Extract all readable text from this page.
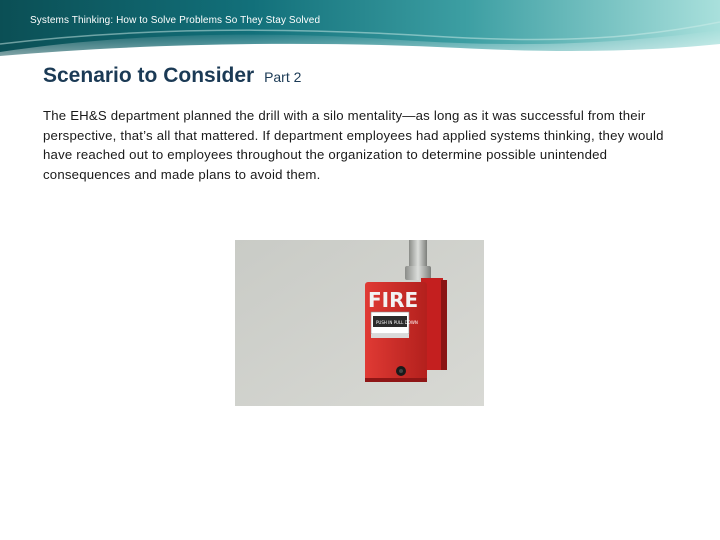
Systems Thinking: How to Solve Problems So They Stay Solved
Scenario to Consider Part 2

The EH&S department planned the drill with a silo mentality—as long as it was successful from their perspective, that’s all that mattered. If department employees had applied systems thinking, they would have reached out to employees throughout the organization to determine possible unintended consequences and made plans to avoid them.

FIRE
PUSH IN PULL DOWN
